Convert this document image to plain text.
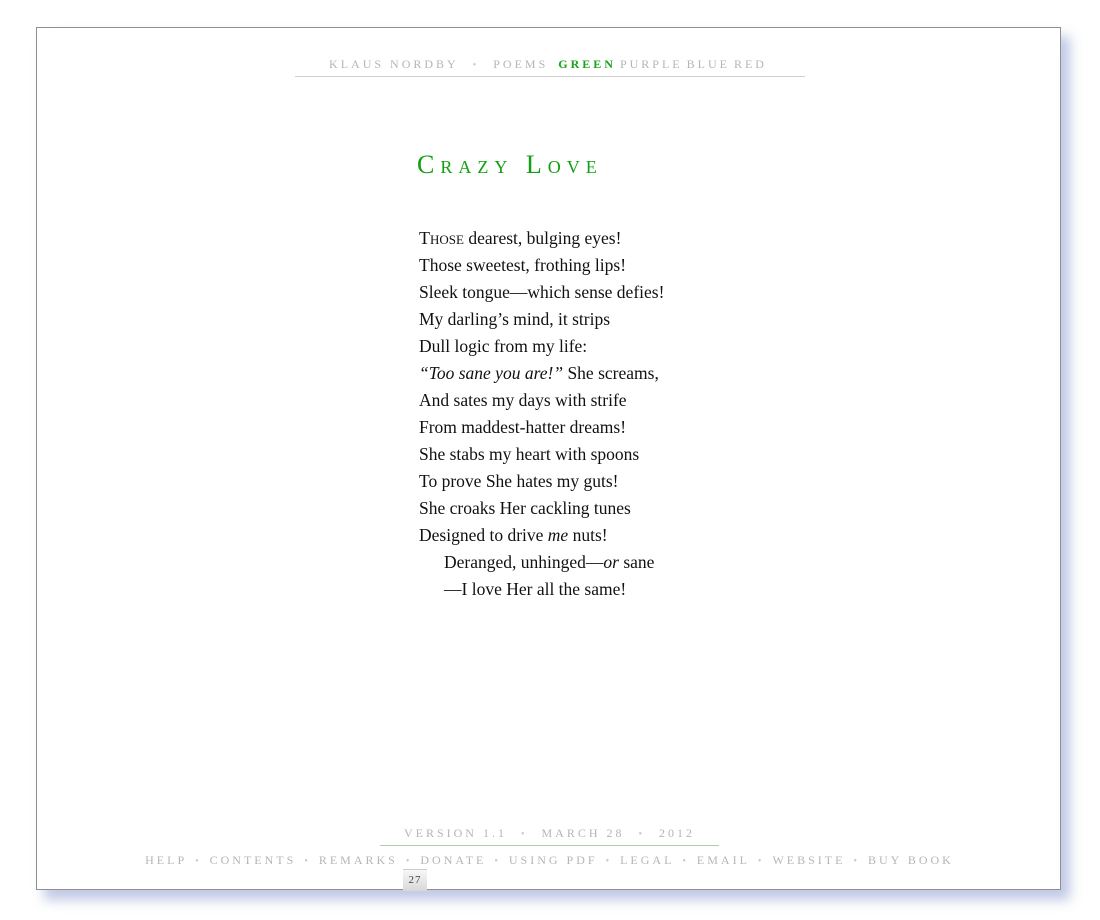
KLAUS NORDBY • POEMS GREEN PURPLE BLUE RED
Crazy Love
Those dearest, bulging eyes!
Those sweetest, frothing lips!
Sleek tongue—which sense defies!
My darling’s mind, it strips
Dull logic from my life:
“Too sane you are!” She screams,
And sates my days with strife
From maddest-hatter dreams!
She stabs my heart with spoons
To prove She hates my guts!
She croaks Her cackling tunes
Designed to drive me nuts!
Deranged, unhinged—or sane
—I love Her all the same!
VERSION 1.1 • MARCH 28 • 2012
HELP • CONTENTS • REMARKS • DONATE • USING PDF • LEGAL • EMAIL • WEBSITE • BUY BOOK
27
